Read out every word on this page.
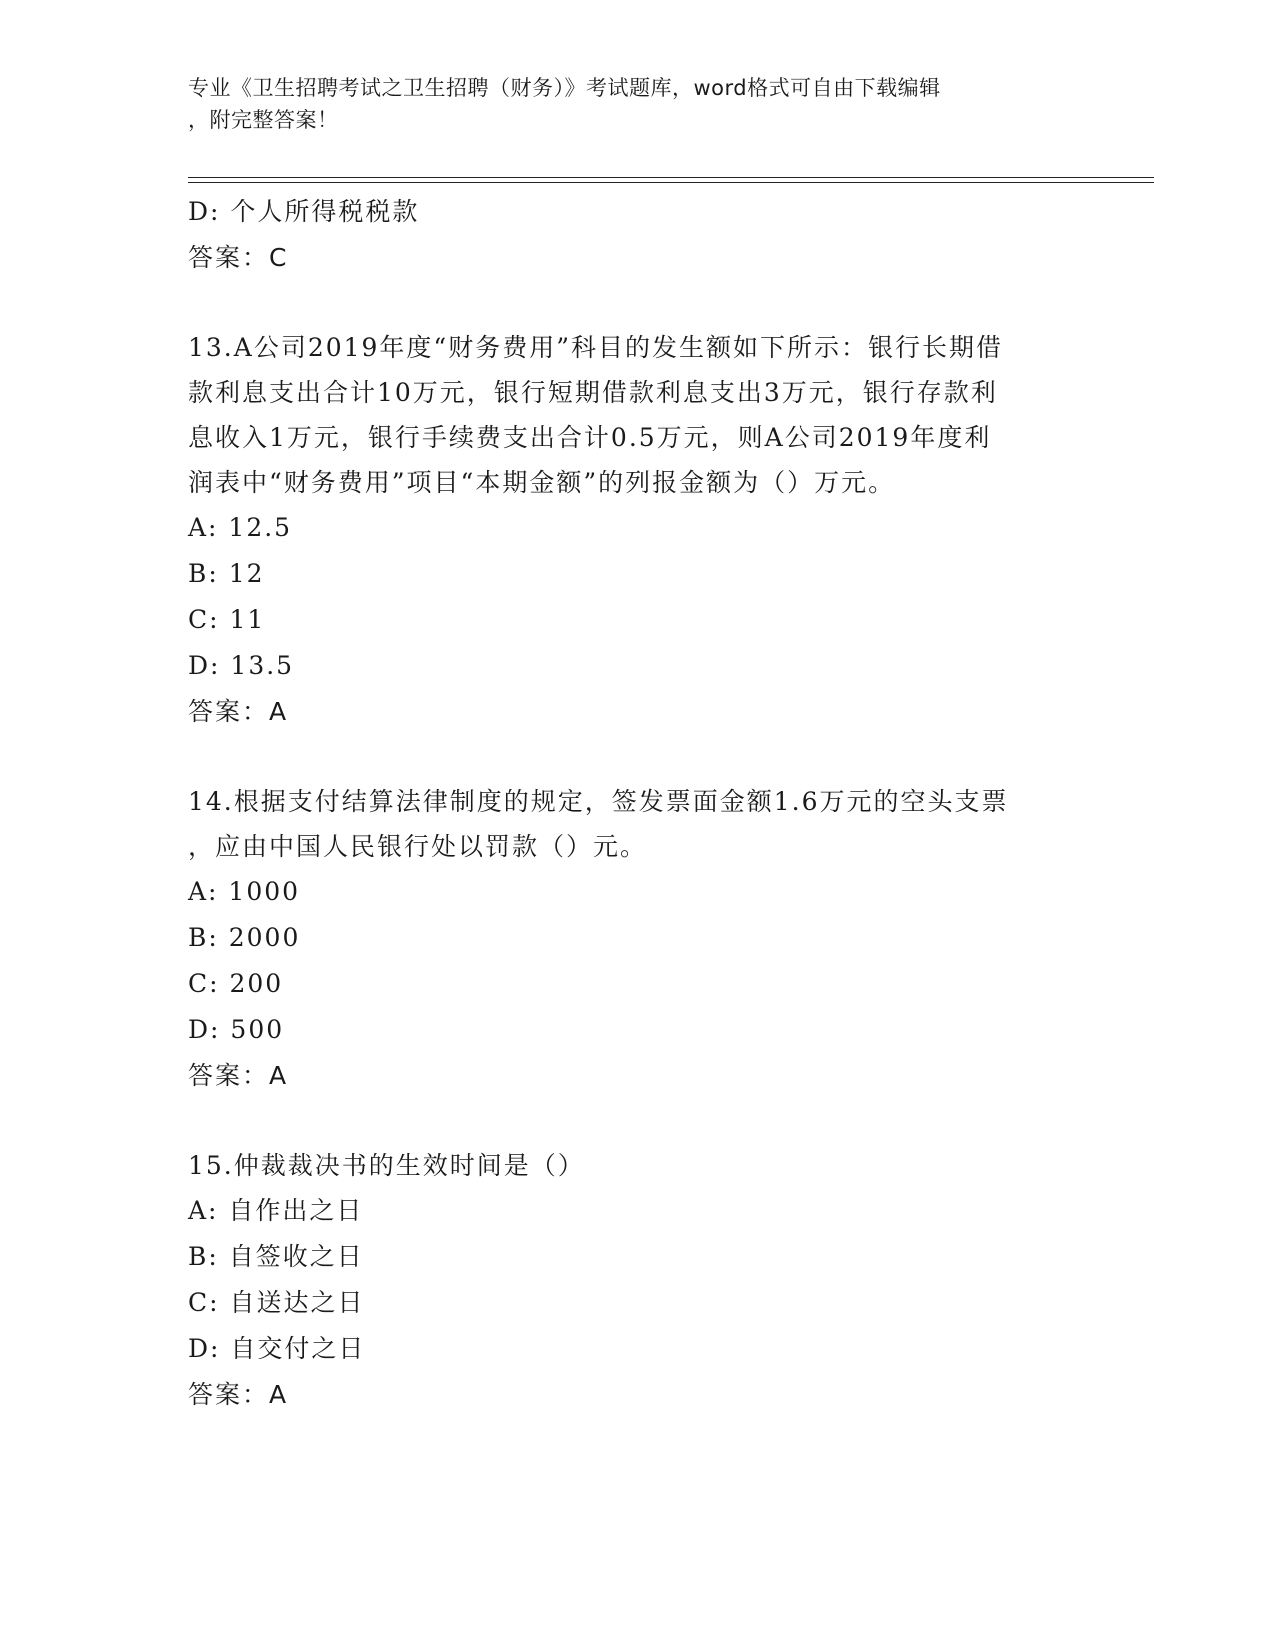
专业《卫生招聘考试之卫生招聘（财务）》考试题库，word格式可自由下载编辑
，附完整答案！
D: 个人所得税税款
答案：C
13.A公司2019年度“财务费用”科目的发生额如下所示：银行长期借
款利息支出合计10万元，银行短期借款利息支出3万元，银行存款利
息收入1万元，银行手续费支出合计0.5万元，则A公司2019年度利
润表中“财务费用”项目“本期金额”的列报金额为（）万元。
A: 12.5
B: 12
C: 11
D: 13.5
答案：A
14.根据支付结算法律制度的规定，签发票面金额1.6万元的空头支票
，应由中国人民银行处以罚款（）元。
A: 1000
B: 2000
C: 200
D: 500
答案：A
15.仲裁裁决书的生效时间是（）
A: 自作出之日
B: 自签收之日
C: 自送达之日
D: 自交付之日
答案：A
